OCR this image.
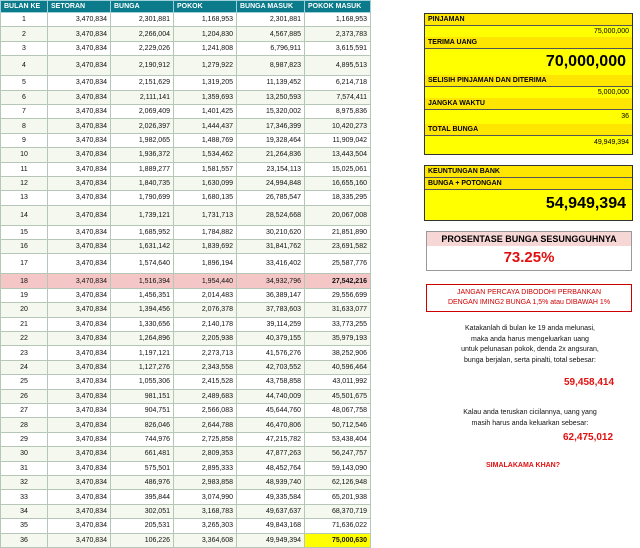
BULAN KE	SETORAN	BUNGA	POKOK	BUNGA MASUK	POKOK MASUK
1	3,470,834	2,301,881	1,168,953	2,301,881	1,168,953
2	3,470,834	2,266,004	1,204,830	4,567,885	2,373,783
3	3,470,834	2,229,026	1,241,808	6,796,911	3,615,591
4	3,470,834	2,190,912	1,279,922	8,987,823	4,895,513
5	3,470,834	2,151,629	1,319,205	11,139,452	6,214,718
6	3,470,834	2,111,141	1,359,693	13,250,593	7,574,411
7	3,470,834	2,069,409	1,401,425	15,320,002	8,975,836
8	3,470,834	2,026,397	1,444,437	17,346,399	10,420,273
9	3,470,834	1,982,065	1,488,769	19,328,464	11,909,042
10	3,470,834	1,936,372	1,534,462	21,264,836	13,443,504
11	3,470,834	1,889,277	1,581,557	23,154,113	15,025,061
12	3,470,834	1,840,735	1,630,099	24,994,848	16,655,160
13	3,470,834	1,790,699	1,680,135	26,785,547	18,335,295
14	3,470,834	1,739,121	1,731,713	28,524,668	20,067,008
15	3,470,834	1,685,952	1,784,882	30,210,620	21,851,890
16	3,470,834	1,631,142	1,839,692	31,841,762	23,691,582
17	3,470,834	1,574,640	1,896,194	33,416,402	25,587,776
18	3,470,834	1,516,394	1,954,440	34,932,796	27,542,216
19	3,470,834	1,456,351	2,014,483	36,389,147	29,556,699
20	3,470,834	1,394,456	2,076,378	37,783,603	31,633,077
21	3,470,834	1,330,656	2,140,178	39,114,259	33,773,255
22	3,470,834	1,264,896	2,205,938	40,379,155	35,979,193
23	3,470,834	1,197,121	2,273,713	41,576,276	38,252,906
24	3,470,834	1,127,276	2,343,558	42,703,552	40,596,464
25	3,470,834	1,055,306	2,415,528	43,758,858	43,011,992
26	3,470,834	981,151	2,489,683	44,740,009	45,501,675
27	3,470,834	904,751	2,566,083	45,644,760	48,067,758
28	3,470,834	826,046	2,644,788	46,470,806	50,712,546
29	3,470,834	744,976	2,725,858	47,215,782	53,438,404
30	3,470,834	661,481	2,809,353	47,877,263	56,247,757
31	3,470,834	575,501	2,895,333	48,452,764	59,143,090
32	3,470,834	486,976	2,983,858	48,939,740	62,126,948
33	3,470,834	395,844	3,074,990	49,335,584	65,201,938
34	3,470,834	302,051	3,168,783	49,637,637	68,370,719
35	3,470,834	205,531	3,265,303	49,843,168	71,636,022
36	3,470,834	106,226	3,364,608	49,949,394	75,000,630
PINJAMAN
75,000,000
TERIMA UANG
70,000,000
SELISIH PINJAMAN DAN DITERIMA
5,000,000
JANGKA WAKTU
36
TOTAL BUNGA
49,949,394
KEUNTUNGAN BANK
BUNGA + POTONGAN
54,949,394
PROSENTASE BUNGA SESUNGGUHNYA
73.25%
JANGAN PERCAYA DIBODOHI PERBANKAN
DENGAN IMING2 BUNGA 1,5% atau DIBAWAH 1%
Katakanlah di bulan ke 19 anda melunasi,
maka anda harus mengeluarkan uang
untuk pelunasan pokok, denda 2x angsuran,
bunga berjalan, serta pinalti, total sebesar:
59,458,414
Kalau anda teruskan cicilannya, uang yang
masih harus anda keluarkan sebesar:
62,475,012
SIMALAKAMA KHAN?
